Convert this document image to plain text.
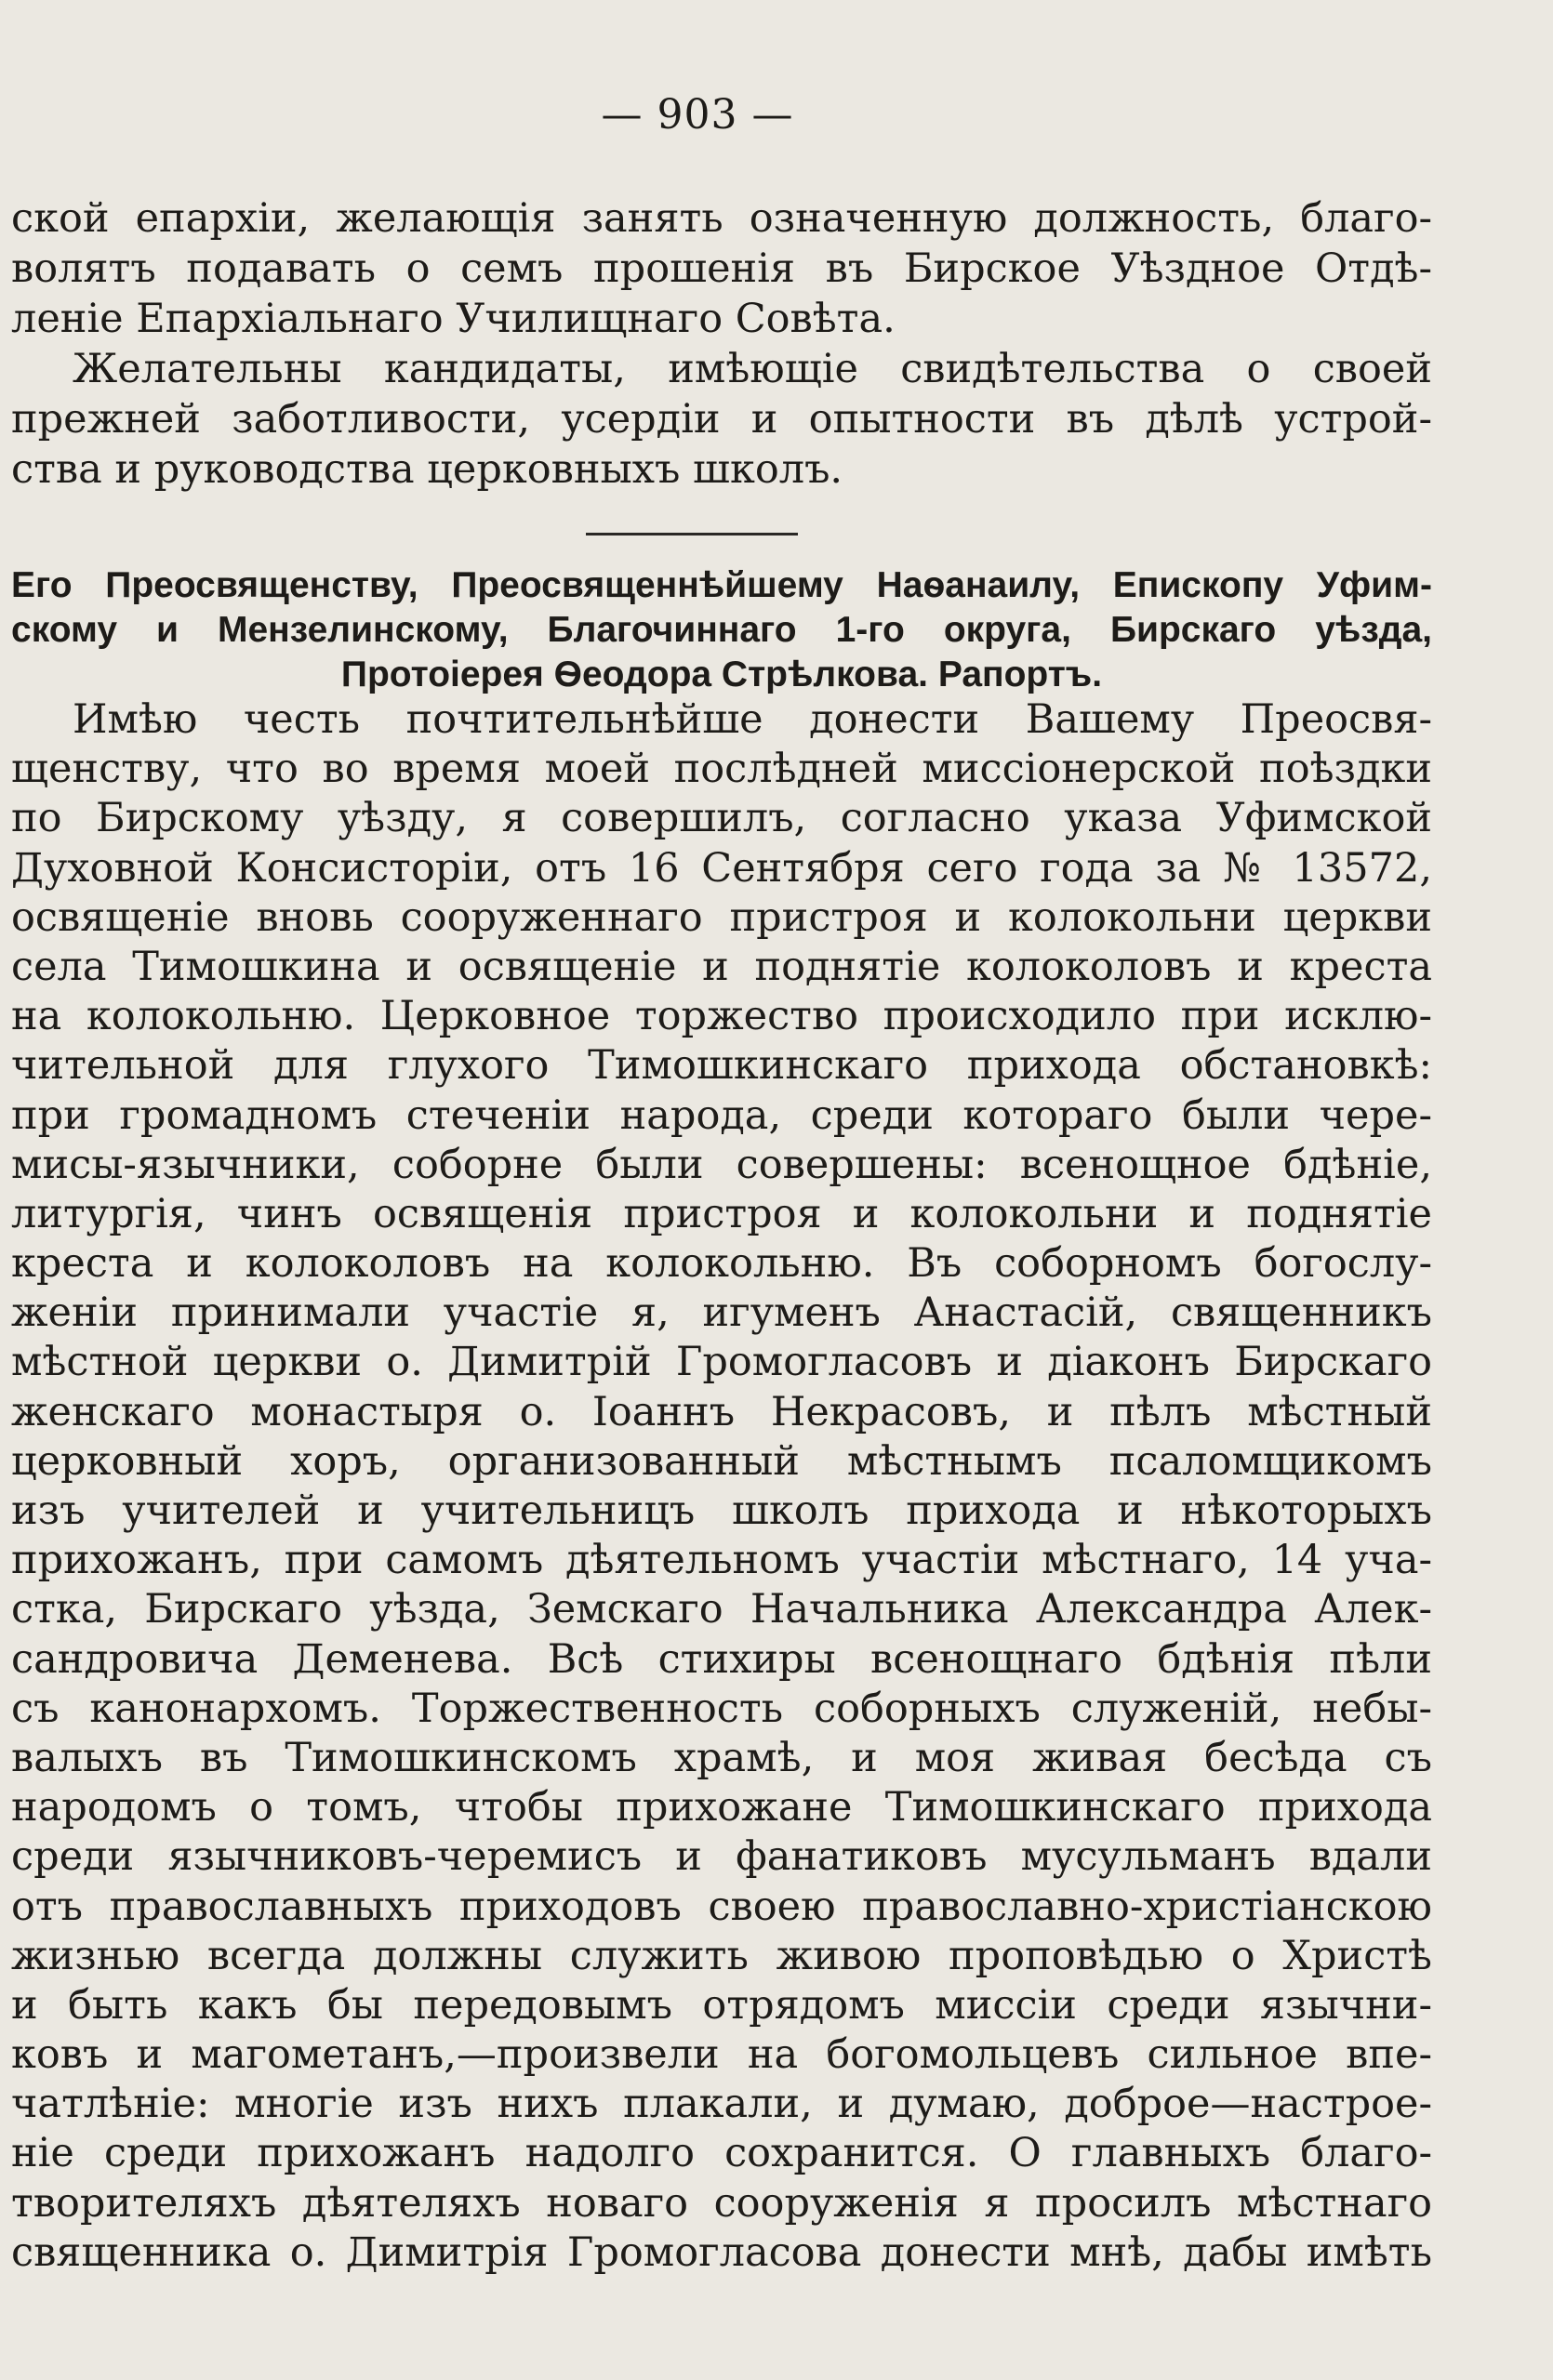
— 903 —
ской епархіи, желающія занять означенную должность, благо-
волятъ подавать о семъ прошенія въ Бирское Уѣздное Отдѣ-
леніе Епархіальнаго Училищнаго Совѣта.
Желательны кандидаты, имѣющіе свидѣтельства о своей
прежней заботливости, усердіи и опытности въ дѣлѣ устрой-
ства и руководства церковныхъ школъ.
Его Преосвященству, Преосвященнѣйшему Наѳанаилу, Епископу Уфим-
скому и Мензелинскому, Благочиннаго 1-го округа, Бирскаго уѣзда,
Протоіерея Ѳеодора Стрѣлкова. Рапортъ.
Имѣю честь почтительнѣйше донести Вашему Преосвя-
щенству, что во время моей послѣдней миссіонерской поѣздки
по Бирскому уѣзду, я совершилъ, согласно указа Уфимской
Духовной Консисторіи, отъ 16 Сентября сего года за № 13572,
освященіе вновь сооруженнаго пристроя и колокольни церкви
села Тимошкина и освященіе и поднятіе колоколовъ и креста
на колокольню. Церковное торжество происходило при исклю-
чительной для глухого Тимошкинскаго прихода обстановкѣ:
при громадномъ стеченіи народа, среди котораго были чере-
мисы-язычники, соборне были совершены: всенощное бдѣніе,
литургія, чинъ освященія пристроя и колокольни и поднятіе
креста и колоколовъ на колокольню. Въ соборномъ богослу-
женіи принимали участіе я, игуменъ Анастасій, священникъ
мѣстной церкви о. Димитрій Громогласовъ и діаконъ Бирскаго
женскаго монастыря о. Іоаннъ Некрасовъ, и пѣлъ мѣстный
церковный хоръ, организованный мѣстнымъ псаломщикомъ
изъ учителей и учительницъ школъ прихода и нѣкоторыхъ
прихожанъ, при самомъ дѣятельномъ участіи мѣстнаго, 14 уча-
стка, Бирскаго уѣзда, Земскаго Начальника Александра Алек-
сандровича Деменева. Всѣ стихиры всенощнаго бдѣнія пѣли
съ канонархомъ. Торжественность соборныхъ служеній, небы-
валыхъ въ Тимошкинскомъ храмѣ, и моя живая бесѣда съ
народомъ о томъ, чтобы прихожане Тимошкинскаго прихода
среди язычниковъ-черемисъ и фанатиковъ мусульманъ вдали
отъ православныхъ приходовъ своею православно-христіанскою
жизнью всегда должны служить живою проповѣдью о Христѣ
и быть какъ бы передовымъ отрядомъ миссіи среди язычни-
ковъ и магометанъ,—произвели на богомольцевъ сильное впе-
чатлѣніе: многіе изъ нихъ плакали, и думаю, доброе—настрое-
ніе среди прихожанъ надолго сохранится. О главныхъ благо-
творителяхъ дѣятеляхъ новаго сооруженія я просилъ мѣстнаго
священника о. Димитрія Громогласова донести мнѣ, дабы имѣть
